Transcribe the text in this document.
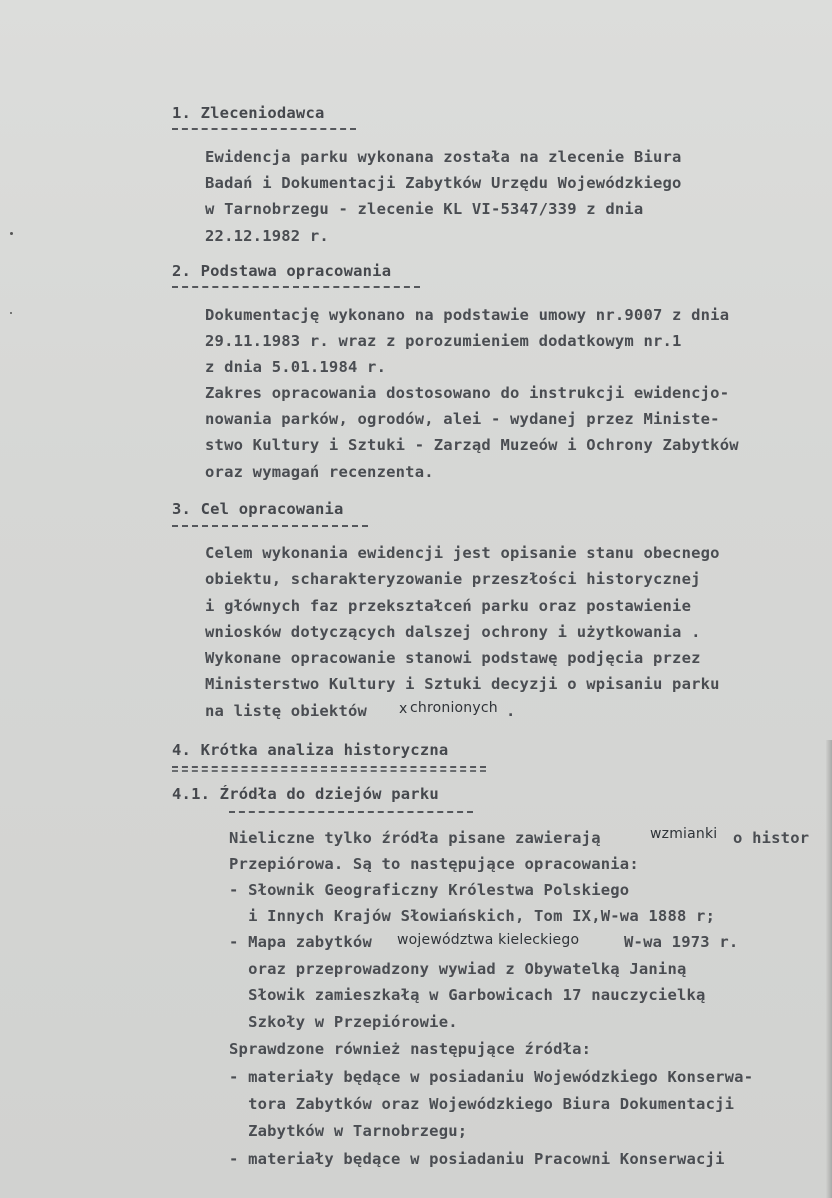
1. Zleceniodawca
Ewidencja parku wykonana została na zlecenie Biura
Badań i Dokumentacji Zabytków Urzędu Wojewódzkiego
w Tarnobrzegu - zlecenie KL VI-5347/339 z dnia
22.12.1982 r.
2. Podstawa opracowania
Dokumentację wykonano na podstawie umowy nr.9007 z dnia
29.11.1983 r. wraz z porozumieniem dodatkowym nr.1
z dnia 5.01.1984 r.
Zakres opracowania dostosowano do instrukcji ewidencjo-
nowania parków, ogrodów, alei - wydanej przez Ministe-
stwo Kultury i Sztuki - Zarząd Muzeów i Ochrony Zabytków
oraz wymagań recenzenta.
3. Cel opracowania
Celem wykonania ewidencji jest opisanie stanu obecnego
obiektu, scharakteryzowanie przeszłości historycznej
i głównych faz przekształceń parku oraz postawienie
wniosków dotyczących dalszej ochrony i użytkowania .
Wykonane opracowanie stanowi podstawę podjęcia przez
Ministerstwo Kultury i Sztuki decyzji o wpisaniu parku
na listę obiektów x chronionych .
4. Krótka analiza historyczna
4.1. Źródła do dziejów parku
Nieliczne tylko źródła pisane zawierają	wzmianki o histor
Przepiórowa. Są to następujące opracowania:
- Słownik Geograficzny Królestwa Polskiego
i Innych Krajów Słowiańskich, Tom IX,W-wa 1888 r;
- Mapa zabytków województwa kieleckiego	W-wa 1973 r.
oraz przeprowadzony wywiad z Obywatelką Janiną
Słowik zamieszkałą w Garbowicach 17 nauczycielką
Szkoły w Przepiórowie.
Sprawdzone również następujące źródła:
- materiały będące w posiadaniu Wojewódzkiego Konserwa-
tora Zabytków oraz Wojewódzkiego Biura Dokumentacji
Zabytków w Tarnobrzegu;
- materiały będące w posiadaniu Pracowni Konserwacji
